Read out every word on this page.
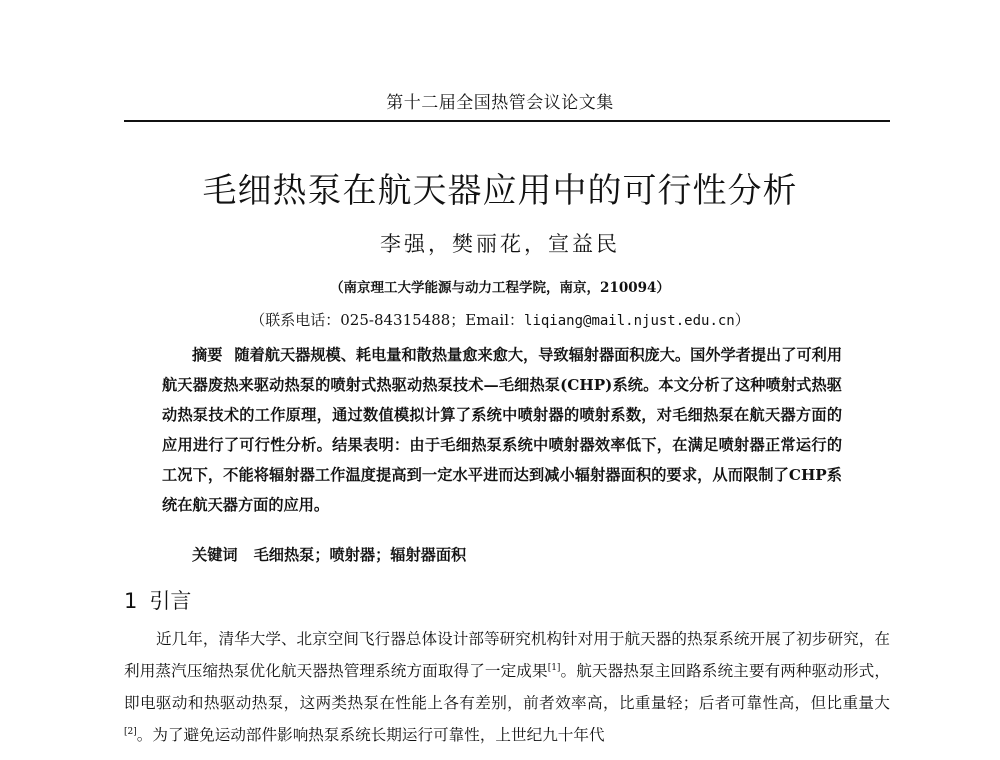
第十二届全国热管会议论文集
毛细热泵在航天器应用中的可行性分析
李强，樊丽花，宣益民
（南京理工大学能源与动力工程学院，南京，210094）
（联系电话：025-84315488；Email：liqiang@mail.njust.edu.cn）

摘要 随着航天器规模、耗电量和散热量愈来愈大，导致辐射器面积庞大。国外学者提出了可利用航天器废热来驱动热泵的喷射式热驱动热泵技术—毛细热泵(CHP)系统。本文分析了这种喷射式热驱动热泵技术的工作原理，通过数值模拟计算了系统中喷射器的喷射系数，对毛细热泵在航天器方面的应用进行了可行性分析。结果表明：由于毛细热泵系统中喷射器效率低下，在满足喷射器正常运行的工况下，不能将辐射器工作温度提高到一定水平进而达到减小辐射器面积的要求，从而限制了CHP系统在航天器方面的应用。

关键词 毛细热泵；喷射器；辐射器面积
1 引言

近几年，清华大学、北京空间飞行器总体设计部等研究机构针对用于航天器的热泵系统开展了初步研究，在利用蒸汽压缩热泵优化航天器热管理系统方面取得了一定成果[1]。航天器热泵主回路系统主要有两种驱动形式，即电驱动和热驱动热泵，这两类热泵在性能上各有差别，前者效率高，比重量轻；后者可靠性高，但比重量大[2]。为了避免运动部件影响热泵系统长期运行可靠性，上世纪九十年代
